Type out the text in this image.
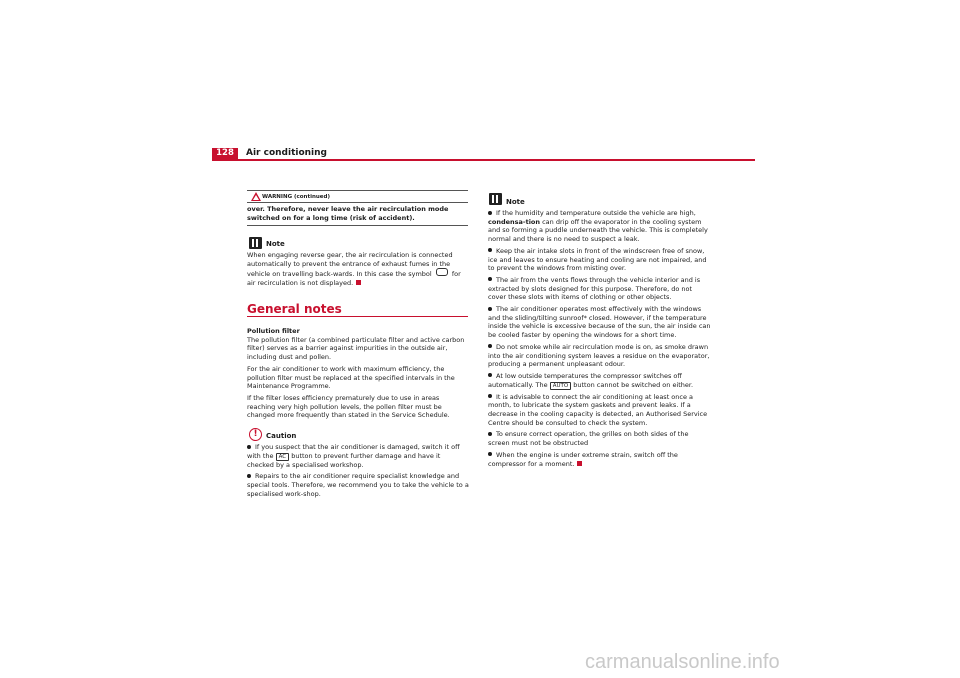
128	Air conditioning
WARNING (continued)
over. Therefore, never leave the air recirculation mode switched on for a long time (risk of accident).
Note

When engaging reverse gear, the air recirculation is connected automatically to prevent the entrance of exhaust fumes in the vehicle on travelling back-wards. In this case the symbol	for air recirculation is not displayed.

General notes

Pollution filter

The pollution filter (a combined particulate filter and active carbon filter) serves as a barrier against impurities in the outside air, including dust and pollen.

For the air conditioner to work with maximum efficiency, the pollution filter must be replaced at the specified intervals in the Maintenance Programme.

If the filter loses efficiency prematurely due to use in areas reaching very high pollution levels, the pollen filter must be changed more frequently than stated in the Service Schedule.

!	Caution

If you suspect that the air conditioner is damaged, switch it off with the AC button to prevent further damage and have it checked by a specialised workshop.

Repairs to the air conditioner require specialist knowledge and special tools. Therefore, we recommend you to take the vehicle to a specialised work-shop.

Note

If the humidity and temperature outside the vehicle are high, condensa-tion can drip off the evaporator in the cooling system and so forming a puddle underneath the vehicle. This is completely normal and there is no need to suspect a leak.

Keep the air intake slots in front of the windscreen free of snow, ice and leaves to ensure heating and cooling are not impaired, and to prevent the windows from misting over.

The air from the vents flows through the vehicle interior and is extracted by slots designed for this purpose. Therefore, do not cover these slots with items of clothing or other objects.

The air conditioner operates most effectively with the windows and the sliding/tilting sunroof* closed. However, if the temperature inside the vehicle is excessive because of the sun, the air inside can be cooled faster by opening the windows for a short time.

Do not smoke while air recirculation mode is on, as smoke drawn into the air conditioning system leaves a residue on the evaporator, producing a permanent unpleasant odour.

At low outside temperatures the compressor switches off automatically. The AUTO button cannot be switched on either.

It is advisable to connect the air conditioning at least once a month, to lubricate the system gaskets and prevent leaks. If a decrease in the cooling capacity is detected, an Authorised Service Centre should be consulted to check the system.

To ensure correct operation, the grilles on both sides of the screen must not be obstructed

When the engine is under extreme strain, switch off the compressor for a moment.

carmanualsonline.info
